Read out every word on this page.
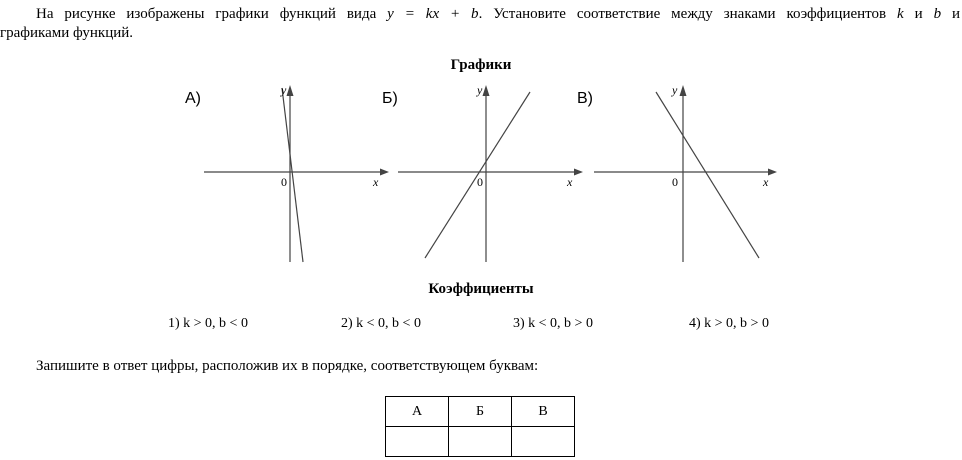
На рисунке изображены графики функций вида y = kx + b. Установите соответствие между знаками коэффициентов k и b и
графиками функций.
Графики
А)	y
x
0
Б)	y
x
0
В)	y
x
0
Коэффициенты
1) k > 0, b < 0	2) k < 0, b < 0	3) k < 0, b > 0	4) k > 0, b > 0
Запишите в ответ цифры, расположив их в порядке, соответствующем буквам:
А	Б	В
